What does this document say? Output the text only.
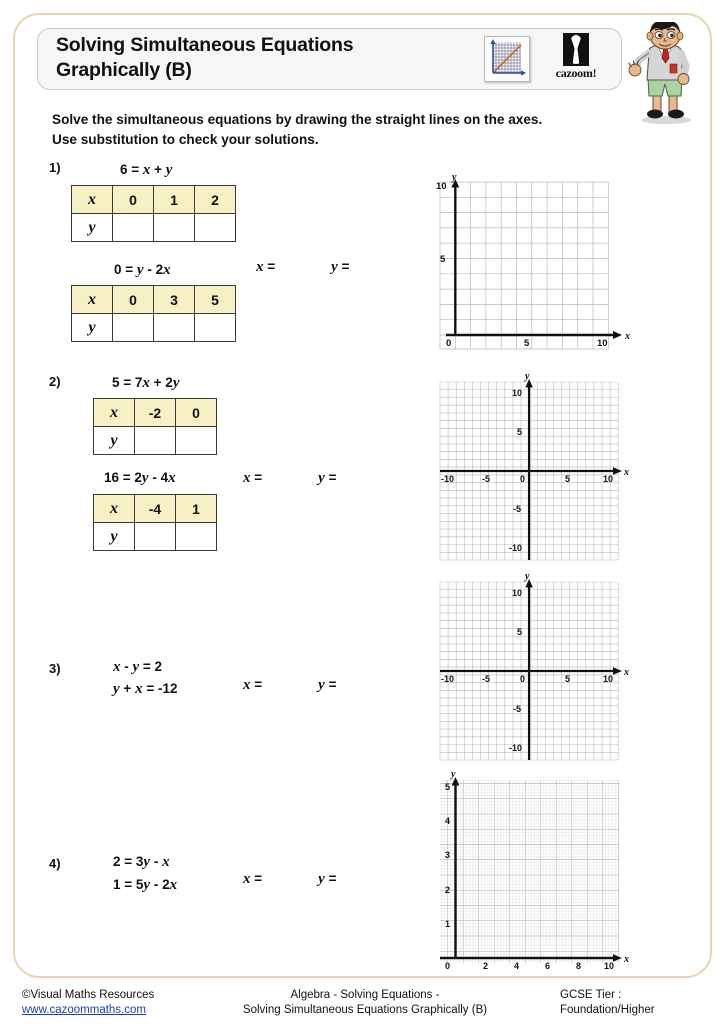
Solving Simultaneous Equations
Graphically (B)	cazoom!
Solve the simultaneous equations by drawing the straight lines on the axes.
Use substitution to check your solutions.
1)	6 = x + y
x	0	1	2
y			
0 = y - 2x
x	0	3	5
y			
x =	y =
x
y
0	5	10
5
10
2)	5 = 7x + 2y
x	-2	0
y		
16 = 2y - 4x
x	-4	1
y		
x =	y =	x
y
-10	-5	0	5	10
10
5
-5
-10
3)	x - y = 2
y + x = -12	x =	y =
x
y
-10	-5	0	5	10
10
5
-5
-10
4)	2 = 3y - x
1 = 5y - 2x	x =	y =
x
y
0	2	4	6	8	10
1
2
3
4
5
©Visual Maths Resources
www.cazoommaths.com
Algebra - Solving Equations -
Solving Simultaneous Equations Graphically (B)
GCSE Tier :
Foundation/Higher
